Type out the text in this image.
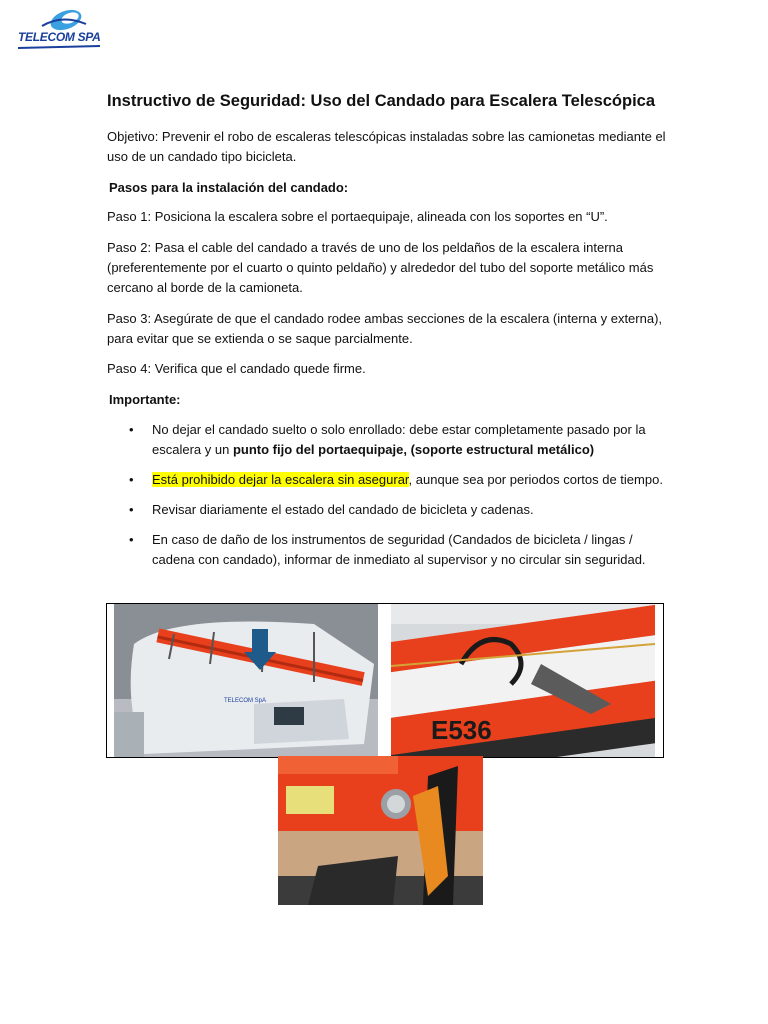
TELECOM SPA
Instructivo de Seguridad: Uso del Candado para Escalera Telescópica

Objetivo: Prevenir el robo de escaleras telescópicas instaladas sobre las camionetas mediante el uso de un candado tipo bicicleta.

Pasos para la instalación del candado:

Paso 1: Posiciona la escalera sobre el portaequipaje, alineada con los soportes en “U”.

Paso 2: Pasa el cable del candado a través de uno de los peldaños de la escalera interna (preferentemente por el cuarto o quinto peldaño) y alrededor del tubo del soporte metálico más cercano al borde de la camioneta.

Paso 3: Asegúrate de que el candado rodee ambas secciones de la escalera (interna y externa), para evitar que se extienda o se saque parcialmente.

Paso 4: Verifica que el candado quede firme.

Importante:

• No dejar el candado suelto o solo enrollado: debe estar completamente pasado por la escalera y un punto fijo del portaequipaje, (soporte estructural metálico)
• Está prohibido dejar la escalera sin asegurar, aunque sea por periodos cortos de tiempo.
• Revisar diariamente el estado del candado de bicicleta y cadenas.
• En caso de daño de los instrumentos de seguridad (Candados de bicicleta / lingas / cadena con candado), informar de inmediato al supervisor y no circular sin seguridad.
TELECOM SpA
E536
